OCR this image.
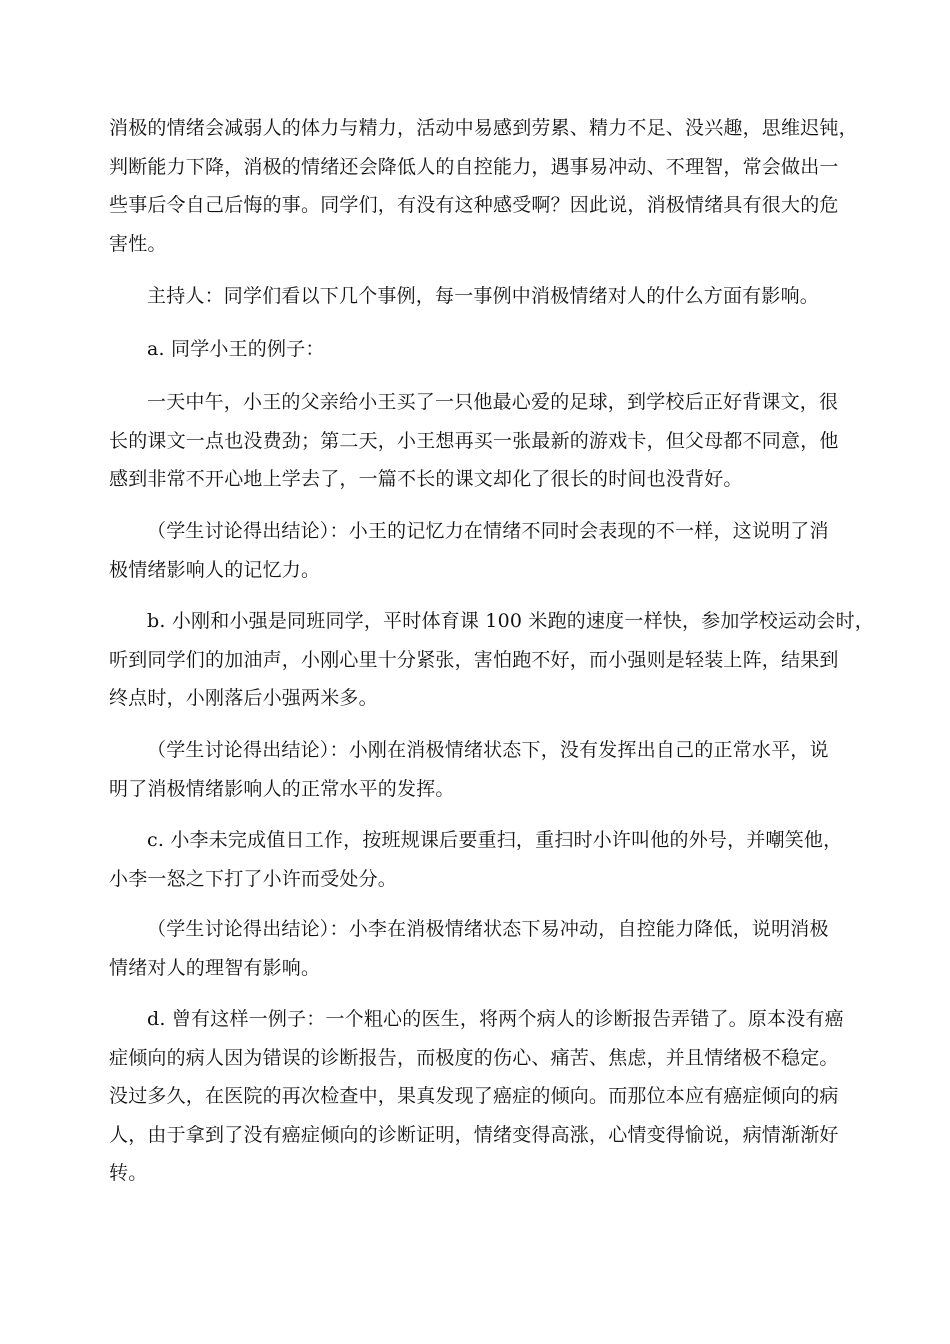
消极的情绪会减弱人的体力与精力，活动中易感到劳累、精力不足、没兴趣，思维迟钝，
判断能力下降，消极的情绪还会降低人的自控能力，遇事易冲动、不理智，常会做出一
些事后令自己后悔的事。同学们，有没有这种感受啊？因此说，消极情绪具有很大的危
害性。
主持人：同学们看以下几个事例，每一事例中消极情绪对人的什么方面有影响。
a. 同学小王的例子：
一天中午，小王的父亲给小王买了一只他最心爱的足球，到学校后正好背课文，很
长的课文一点也没费劲；第二天，小王想再买一张最新的游戏卡，但父母都不同意，他
感到非常不开心地上学去了，一篇不长的课文却化了很长的时间也没背好。
（学生讨论得出结论）：小王的记忆力在情绪不同时会表现的不一样，这说明了消
极情绪影响人的记忆力。
b. 小刚和小强是同班同学，平时体育课 100 米跑的速度一样快，参加学校运动会时，
听到同学们的加油声，小刚心里十分紧张，害怕跑不好，而小强则是轻装上阵，结果到
终点时，小刚落后小强两米多。
（学生讨论得出结论）：小刚在消极情绪状态下，没有发挥出自己的正常水平，说
明了消极情绪影响人的正常水平的发挥。
c. 小李未完成值日工作，按班规课后要重扫，重扫时小许叫他的外号，并嘲笑他，
小李一怒之下打了小许而受处分。
（学生讨论得出结论）：小李在消极情绪状态下易冲动，自控能力降低，说明消极
情绪对人的理智有影响。
d. 曾有这样一例子：一个粗心的医生，将两个病人的诊断报告弄错了。原本没有癌
症倾向的病人因为错误的诊断报告，而极度的伤心、痛苦、焦虑，并且情绪极不稳定。
没过多久，在医院的再次检查中，果真发现了癌症的倾向。而那位本应有癌症倾向的病
人，由于拿到了没有癌症倾向的诊断证明，情绪变得高涨，心情变得愉说，病情渐渐好
转。
